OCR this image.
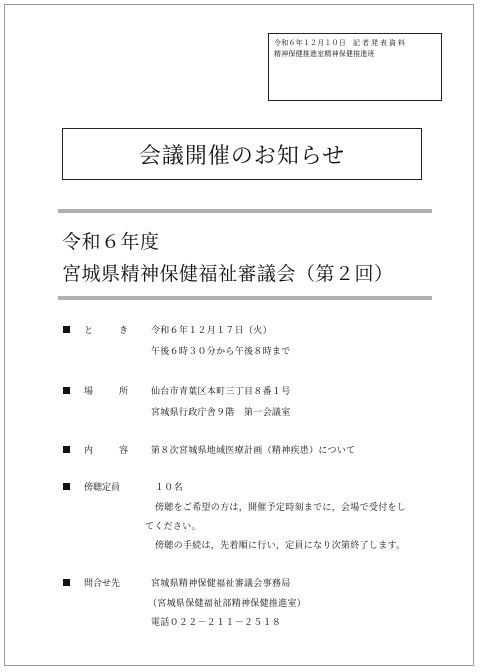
記者発表資料
令和６年１２月１０日
精神保健推進室精神保健推進班
会議開催のお知らせ
令和６年度
宮城県精神保健福祉審議会（第２回）
と	き	令和６年１２月１７日（火）
午後６時３０分から午後８時まで
場	所	仙台市青葉区本町三丁目８番１号
宮城県行政庁舎９階　第一会議室
内	容	第８次宮城県地域医療計画（精神疾患）について
傍聴定員	１０名
傍聴をご希望の方は，開催予定時刻までに，会場で受付をし
てください。
傍聴の手続は，先着順に行い，定員になり次第終了します。
問合せ先	宮城県精神保健福祉審議会事務局
（宮城県保健福祉部精神保健推進室）
電話０２２－２１１－２５１８
